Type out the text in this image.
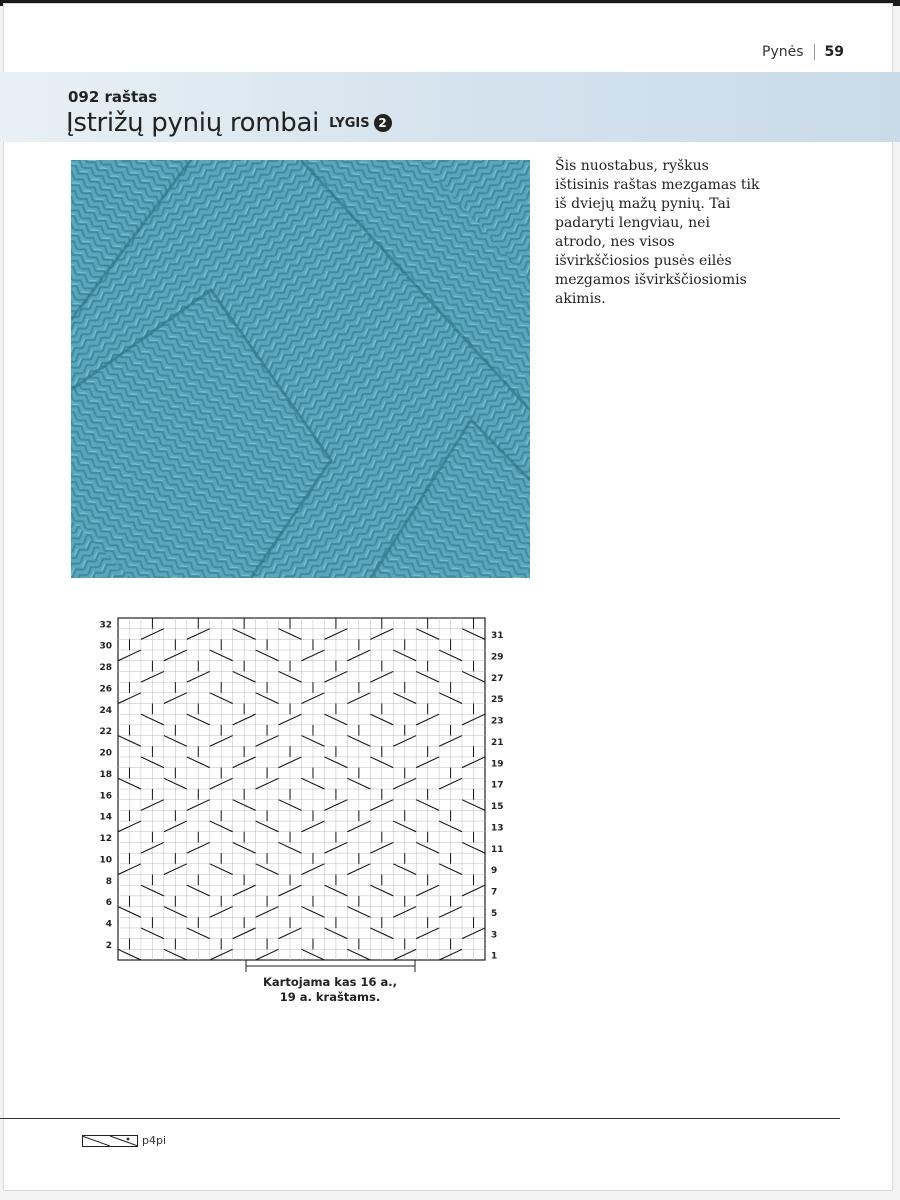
Pynės 59
092 raštas
Įstrižų pynių rombai LYGIS 2

Šis nuostabus, ryškus ištisinis raštas mezgamas tik iš dviejų mažų pynių. Tai padaryti lengviau, nei atrodo, nes visos išvirkščiosios pusės eilės mezgamos išvirkščiosiomis akimis.

32
30
28
26
24
22
20
18
16
14
12
10
8
6
4
2
31
29
27
25
23
21
19
17
15
13
11
9
7
5
3
1
Kartojama kas 16 a.,
19 a. kraštams.
p4pi
